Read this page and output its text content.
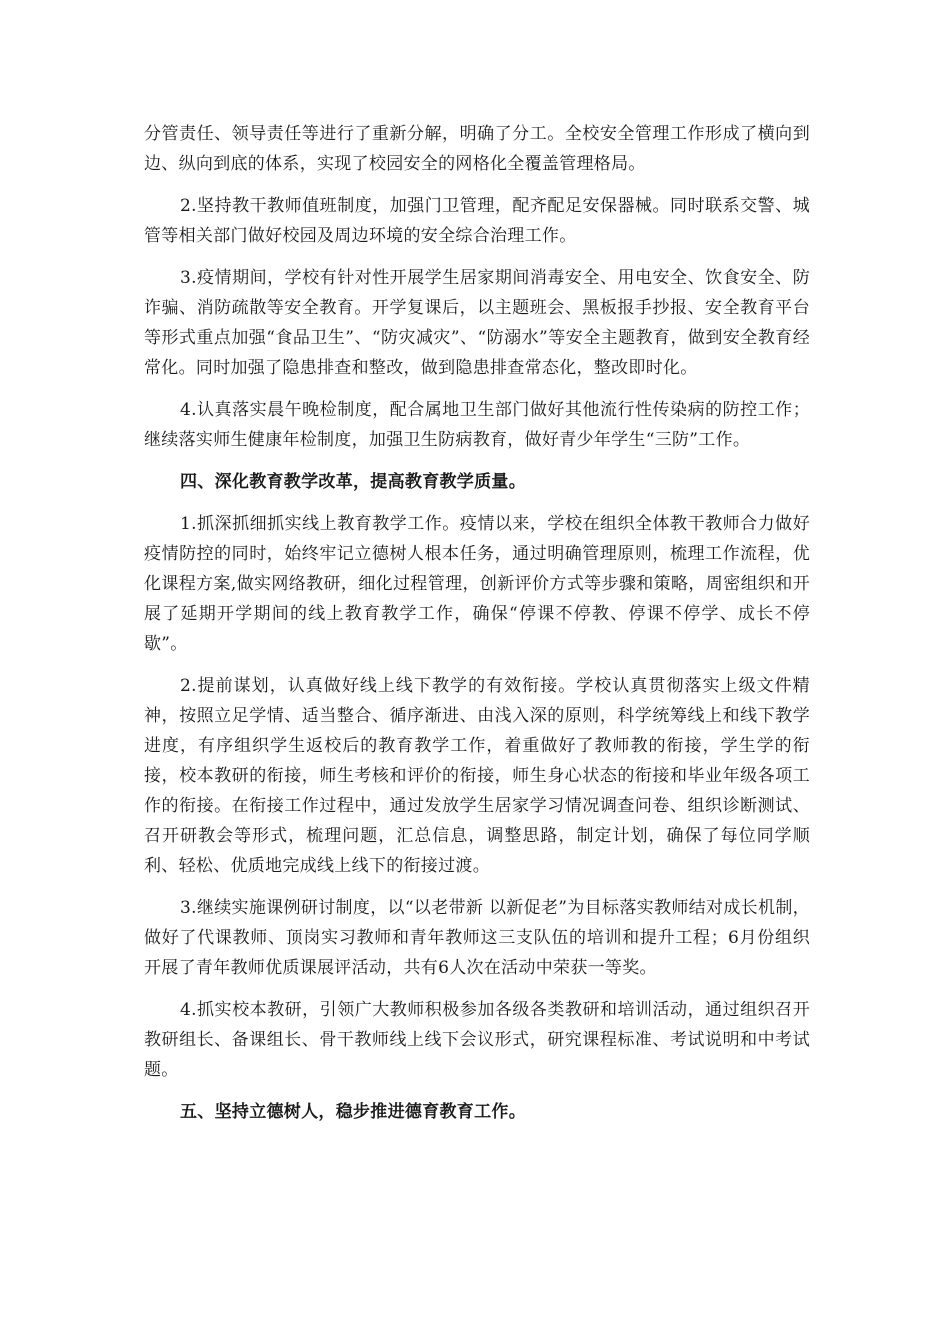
分管责任、领导责任等进行了重新分解，明确了分工。全校安全管理工作形成了横向到边、纵向到底的体系，实现了校园安全的网格化全覆盖管理格局。

2.坚持教干教师值班制度，加强门卫管理，配齐配足安保器械。同时联系交警、城管等相关部门做好校园及周边环境的安全综合治理工作。

3.疫情期间，学校有针对性开展学生居家期间消毒安全、用电安全、饮食安全、防诈骗、消防疏散等安全教育。开学复课后，以主题班会、黑板报手抄报、安全教育平台等形式重点加强“食品卫生”、“防灾减灾”、“防溺水”等安全主题教育，做到安全教育经常化。同时加强了隐患排查和整改，做到隐患排查常态化，整改即时化。

4.认真落实晨午晚检制度，配合属地卫生部门做好其他流行性传染病的防控工作；继续落实师生健康年检制度，加强卫生防病教育，做好青少年学生“三防”工作。

四、深化教育教学改革，提高教育教学质量。

1.抓深抓细抓实线上教育教学工作。疫情以来，学校在组织全体教干教师合力做好疫情防控的同时，始终牢记立德树人根本任务，通过明确管理原则，梳理工作流程，优化课程方案,做实网络教研，细化过程管理，创新评价方式等步骤和策略，周密组织和开展了延期开学期间的线上教育教学工作，确保“停课不停教、停课不停学、成长不停歇”。

2.提前谋划，认真做好线上线下教学的有效衔接。学校认真贯彻落实上级文件精神，按照立足学情、适当整合、循序渐进、由浅入深的原则，科学统筹线上和线下教学进度，有序组织学生返校后的教育教学工作，着重做好了教师教的衔接，学生学的衔接，校本教研的衔接，师生考核和评价的衔接，师生身心状态的衔接和毕业年级各项工作的衔接。在衔接工作过程中，通过发放学生居家学习情况调查问卷、组织诊断测试、召开研教会等形式，梳理问题，汇总信息，调整思路，制定计划，确保了每位同学顺利、轻松、优质地完成线上线下的衔接过渡。

3.继续实施课例研讨制度，以“以老带新 以新促老”为目标落实教师结对成长机制，做好了代课教师、顶岗实习教师和青年教师这三支队伍的培训和提升工程；6月份组织开展了青年教师优质课展评活动，共有6人次在活动中荣获一等奖。

4.抓实校本教研，引领广大教师积极参加各级各类教研和培训活动，通过组织召开教研组长、备课组长、骨干教师线上线下会议形式，研究课程标准、考试说明和中考试题。

五、坚持立德树人，稳步推进德育教育工作。
